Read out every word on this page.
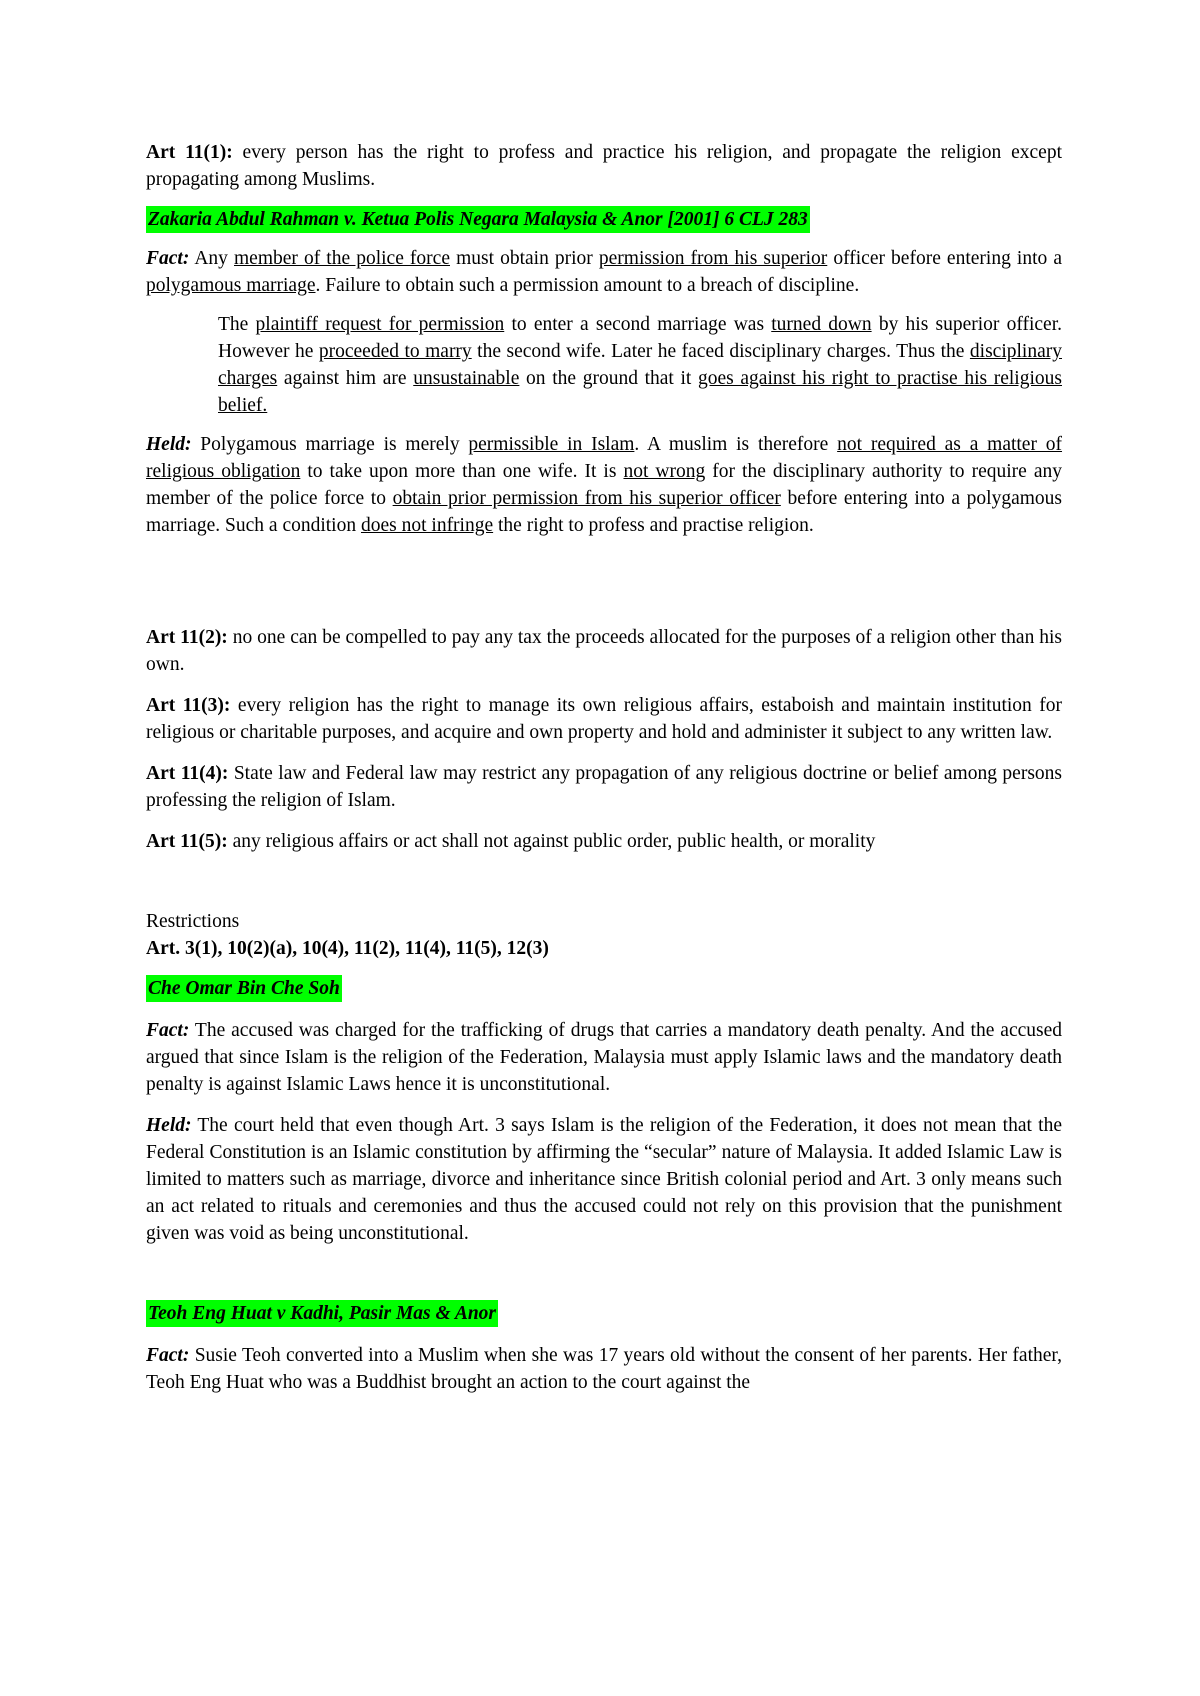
Art 11(1): every person has the right to profess and practice his religion, and propagate the religion except propagating among Muslims.

Zakaria Abdul Rahman v. Ketua Polis Negara Malaysia & Anor [2001] 6 CLJ 283

Fact: Any member of the police force must obtain prior permission from his superior officer before entering into a polygamous marriage. Failure to obtain such a permission amount to a breach of discipline.

The plaintiff request for permission to enter a second marriage was turned down by his superior officer. However he proceeded to marry the second wife. Later he faced disciplinary charges. Thus the disciplinary charges against him are unsustainable on the ground that it goes against his right to practise his religious belief.

Held: Polygamous marriage is merely permissible in Islam. A muslim is therefore not required as a matter of religious obligation to take upon more than one wife. It is not wrong for the disciplinary authority to require any member of the police force to obtain prior permission from his superior officer before entering into a polygamous marriage. Such a condition does not infringe the right to profess and practise religion.

Art 11(2): no one can be compelled to pay any tax the proceeds allocated for the purposes of a religion other than his own.

Art 11(3): every religion has the right to manage its own religious affairs, estaboish and maintain institution for religious or charitable purposes, and acquire and own property and hold and administer it subject to any written law.

Art 11(4): State law and Federal law may restrict any propagation of any religious doctrine or belief among persons professing the religion of Islam.

Art 11(5): any religious affairs or act shall not against public order, public health, or morality

Restrictions

Art. 3(1), 10(2)(a), 10(4), 11(2), 11(4), 11(5), 12(3)

Che Omar Bin Che Soh

Fact: The accused was charged for the trafficking of drugs that carries a mandatory death penalty. And the accused argued that since Islam is the religion of the Federation, Malaysia must apply Islamic laws and the mandatory death penalty is against Islamic Laws hence it is unconstitutional.

Held: The court held that even though Art. 3 says Islam is the religion of the Federation, it does not mean that the Federal Constitution is an Islamic constitution by affirming the “secular” nature of Malaysia. It added Islamic Law is limited to matters such as marriage, divorce and inheritance since British colonial period and Art. 3 only means such an act related to rituals and ceremonies and thus the accused could not rely on this provision that the punishment given was void as being unconstitutional.

Teoh Eng Huat v Kadhi, Pasir Mas & Anor

Fact: Susie Teoh converted into a Muslim when she was 17 years old without the consent of her parents. Her father, Teoh Eng Huat who was a Buddhist brought an action to the court against the
